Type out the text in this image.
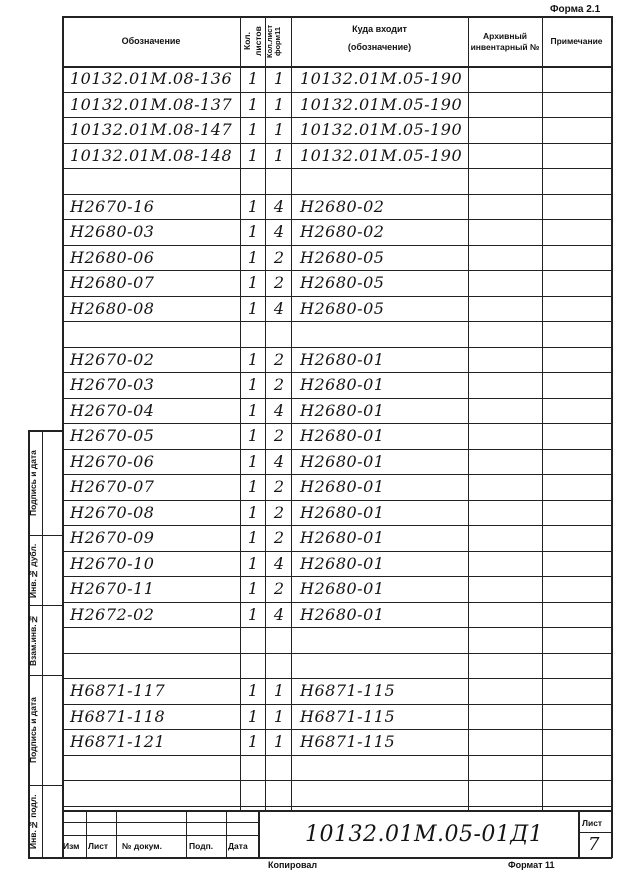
Форма 2.1
Обозначение	Кол. листов Кол.лист форм11	Куда входит
(обозначение)
Архивный инвентарный №
Примечание
10132.01М.08-136 1 1 10132.01М.05-190
10132.01М.08-137 1 1 10132.01М.05-190
10132.01М.08-147 1 1 10132.01М.05-190
10132.01М.08-148 1 1 10132.01М.05-190
Н2670-16	1 4 Н2680-02
Н2680-03	1 4 Н2680-02
Н2680-06	1 2 Н2680-05
Н2680-07	1 2 Н2680-05
Н2680-08	1 4 Н2680-05
Н2670-02	1 2 Н2680-01
Н2670-03	1 2 Н2680-01
Н2670-04	1 4 Н2680-01
Н2670-05	1 2 Н2680-01
Н2670-06	1 4 Н2680-01
Н2670-07	1 2 Н2680-01
Н2670-08	1 2 Н2680-01
Н2670-09	1 2 Н2680-01
Н2670-10	1 4 Н2680-01
Н2670-11	1 2 Н2680-01
Н2672-02	1 4 Н2680-01
Н6871-117	1 1 Н6871-115
Н6871-118	1 1 Н6871-115
Н6871-121	1 1 Н6871-115
Подпись и дата
Инв.№ дубл.
Взам.инв.№
Подпись и дата
Инв.№ подл.	Изм Лист № докум.	Подп. Дата	10132.01М.05-01Д1	Лист
7
Копировал	Формат 11
